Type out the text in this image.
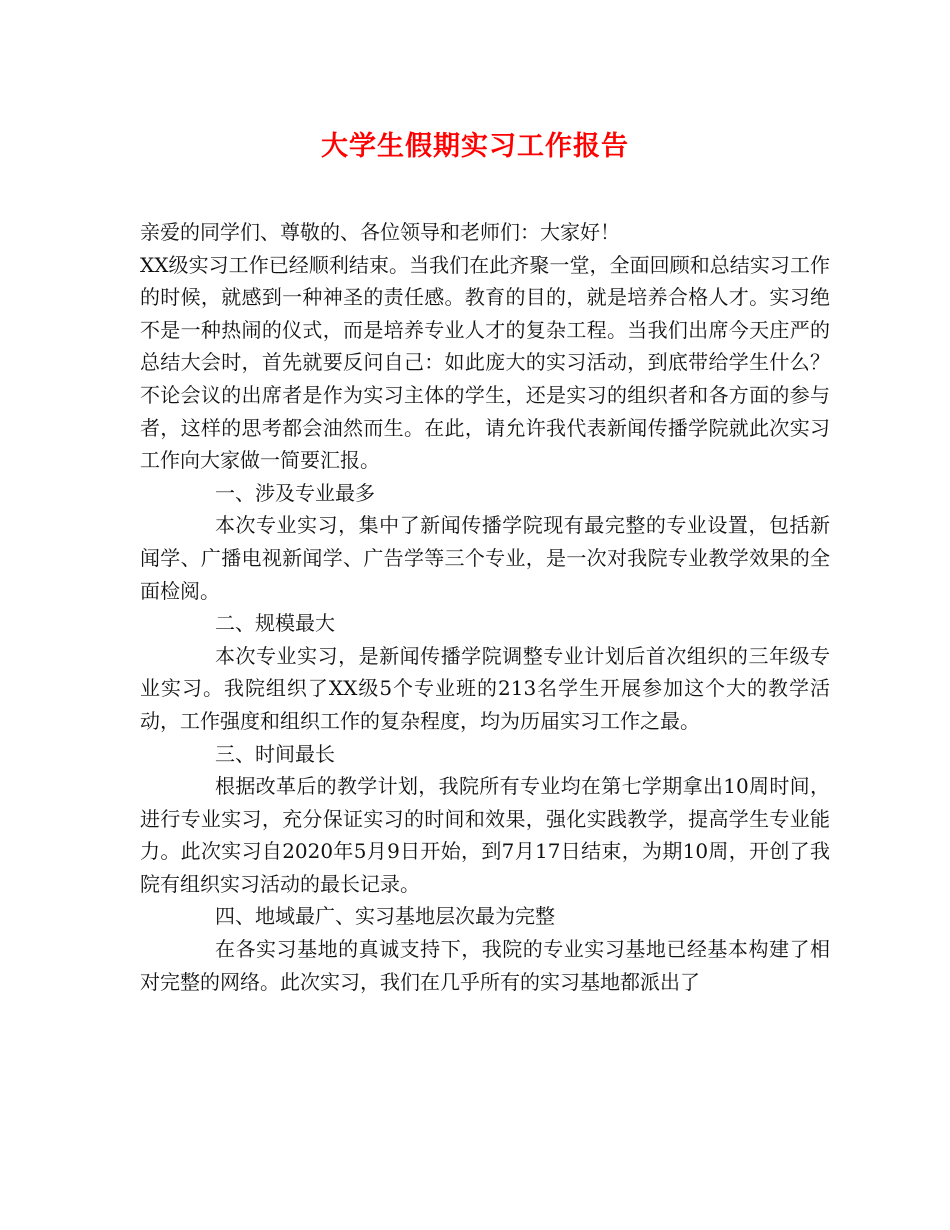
大学生假期实习工作报告

亲爱的同学们、尊敬的、各位领导和老师们：大家好！

XX级实习工作已经顺利结束。当我们在此齐聚一堂，全面回顾和总结实习工作的时候，就感到一种神圣的责任感。教育的目的，就是培养合格人才。实习绝不是一种热闹的仪式，而是培养专业人才的复杂工程。当我们出席今天庄严的总结大会时，首先就要反问自己：如此庞大的实习活动，到底带给学生什么？不论会议的出席者是作为实习主体的学生，还是实习的组织者和各方面的参与者，这样的思考都会油然而生。在此，请允许我代表新闻传播学院就此次实习工作向大家做一简要汇报。

一、涉及专业最多

本次专业实习，集中了新闻传播学院现有最完整的专业设置，包括新闻学、广播电视新闻学、广告学等三个专业，是一次对我院专业教学效果的全面检阅。

二、规模最大

本次专业实习，是新闻传播学院调整专业计划后首次组织的三年级专业实习。我院组织了XX级5个专业班的213名学生开展参加这个大的教学活动，工作强度和组织工作的复杂程度，均为历届实习工作之最。

三、时间最长

根据改革后的教学计划，我院所有专业均在第七学期拿出10周时间，进行专业实习，充分保证实习的时间和效果，强化实践教学，提高学生专业能力。此次实习自2020年5月9日开始，到7月17日结束，为期10周，开创了我院有组织实习活动的最长记录。

四、地域最广、实习基地层次最为完整

在各实习基地的真诚支持下，我院的专业实习基地已经基本构建了相对完整的网络。此次实习，我们在几乎所有的实习基地都派出了
